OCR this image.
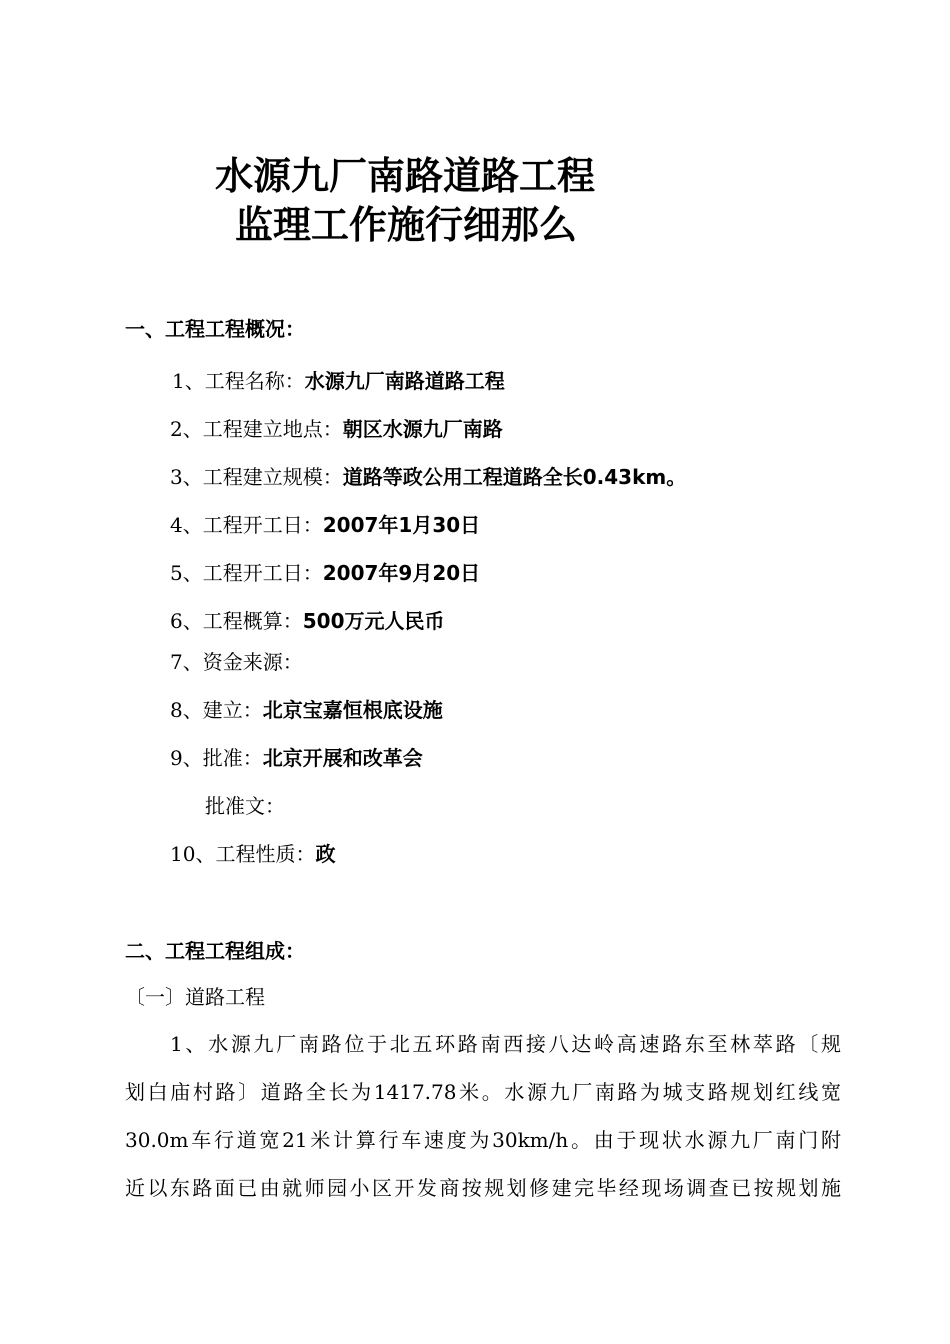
水源九厂南路道路工程
监理工作施行细那么
一、工程工程概况：
1、工程名称：水源九厂南路道路工程
2、工程建立地点：朝区水源九厂南路
3、工程建立规模：道路等政公用工程道路全长0.43km。
4、工程开工日：2007年1月30日
5、工程开工日：2007年9月20日
6、工程概算：500万元人民币
7、资金来源：
8、建立：北京宝嘉恒根底设施
9、批准：北京开展和改革会
批准文：
10、工程性质：政
二、工程工程组成：
〔一〕道路工程
1、水源九厂南路位于北五环路南西接八达岭高速路东至林萃路〔规
划白庙村路〕道路全长为1417.78米。水源九厂南路为城支路规划红线宽
30.0m车行道宽21米计算行车速度为30km/h。由于现状水源九厂南门附
近以东路面已由就师园小区开发商按规划修建完毕经现场调查已按规划施
